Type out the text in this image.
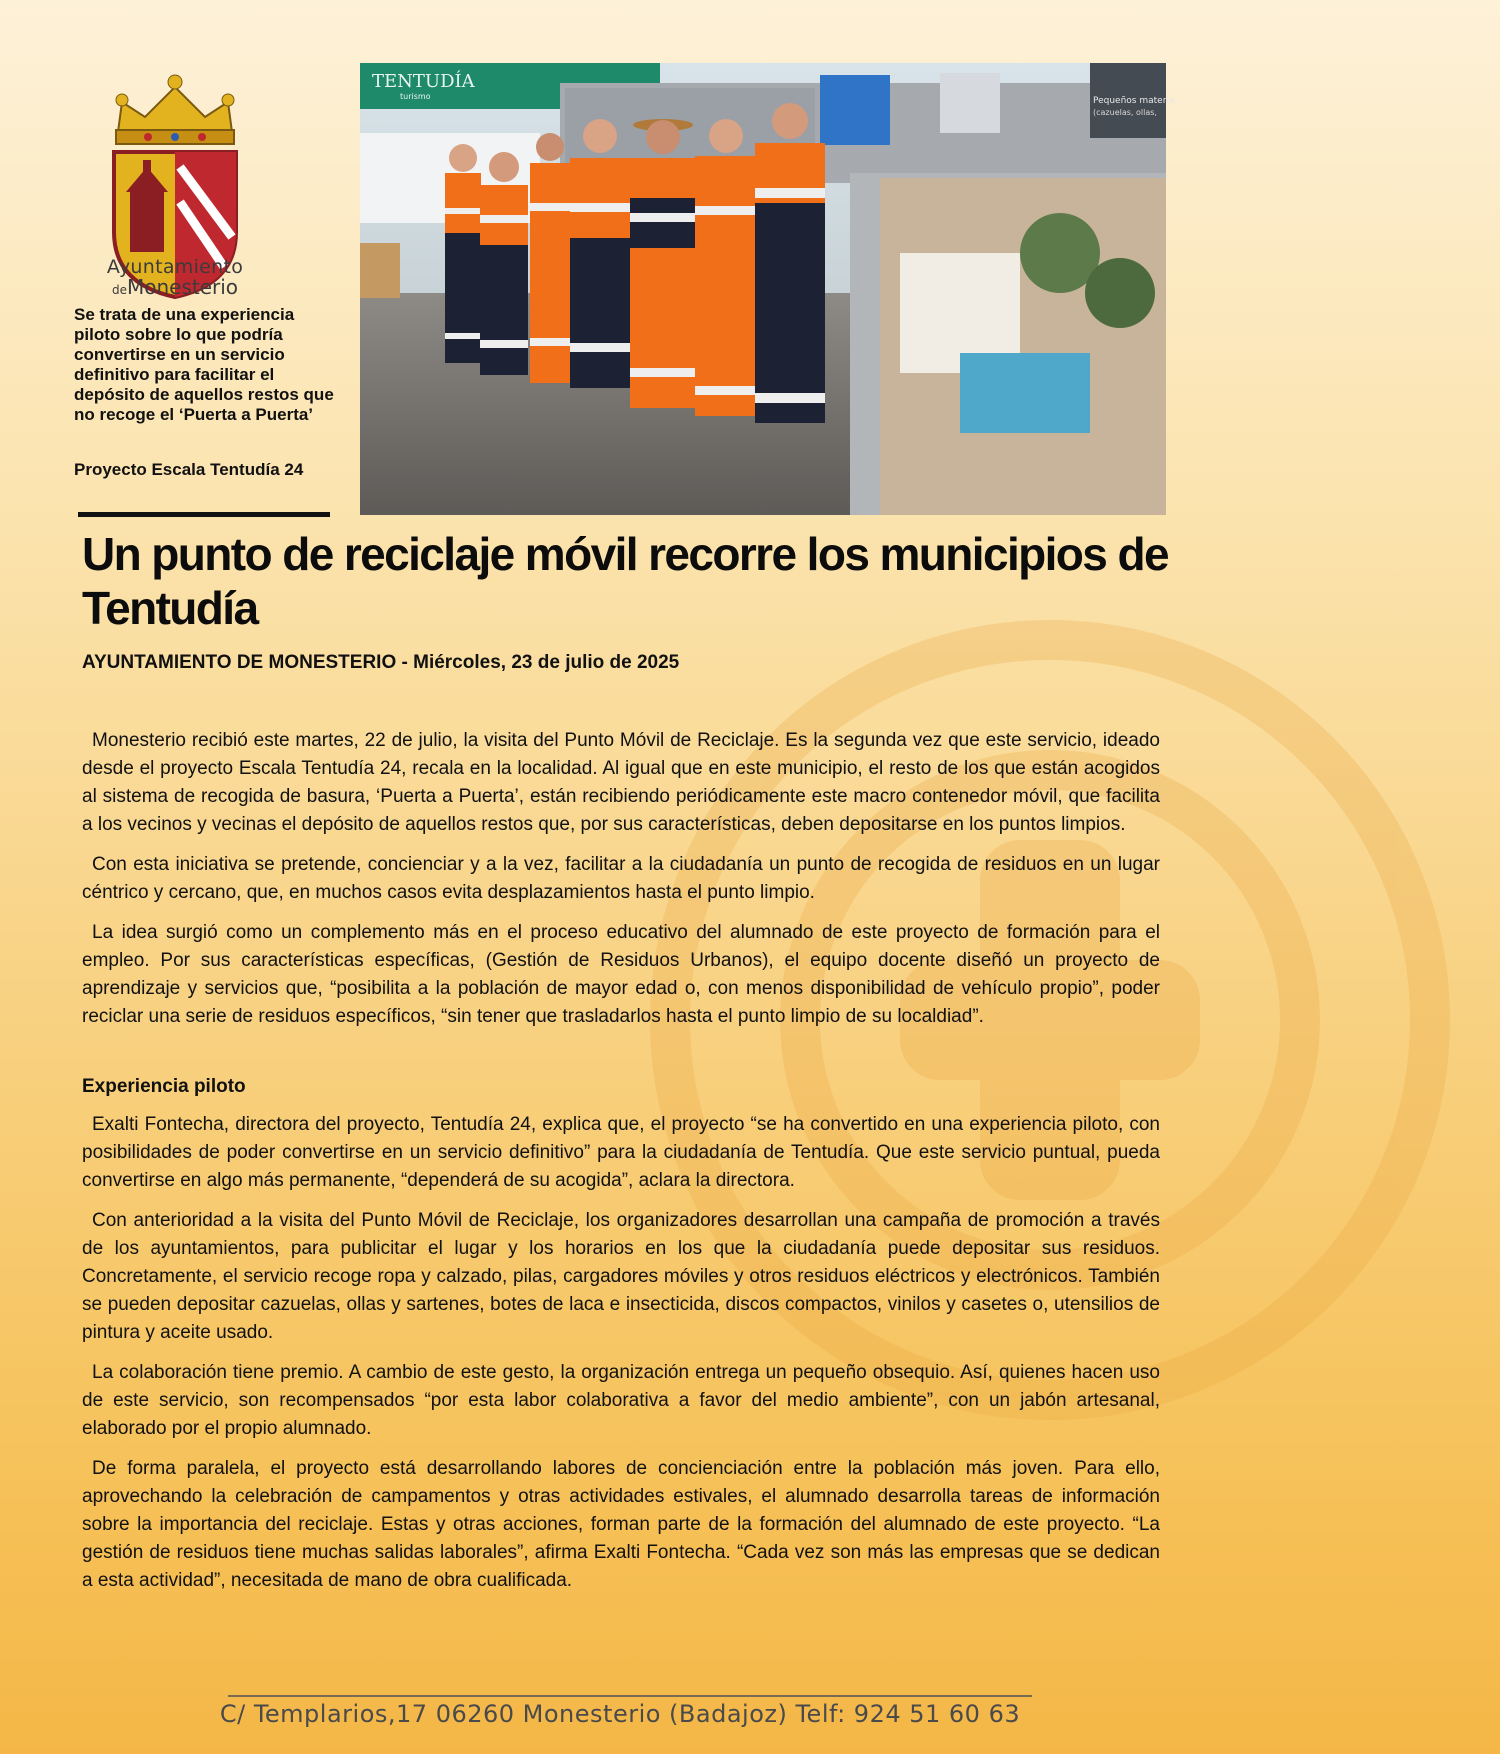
Ayuntamiento
deMonesterio

Se trata de una experiencia piloto sobre lo que podría convertirse en un servicio definitivo para facilitar el depósito de aquellos restos que no recoge el ‘Puerta a Puerta’

Proyecto Escala Tentudía 24

TENTUDÍA
turismo	Pequeños materia
(cazuelas, ollas,
Un punto de reciclaje móvil recorre los municipios de Tentudía

AYUNTAMIENTO DE MONESTERIO - Miércoles, 23 de julio de 2025

Monesterio recibió este martes, 22 de julio, la visita del Punto Móvil de Reciclaje. Es la segunda vez que este servicio, ideado desde el proyecto Escala Tentudía 24, recala en la localidad. Al igual que en este municipio, el resto de los que están acogidos al sistema de recogida de basura, ‘Puerta a Puerta’, están recibiendo periódicamente este macro contenedor móvil, que facilita a los vecinos y vecinas el depósito de aquellos restos que, por sus características, deben depositarse en los puntos limpios.

Con esta iniciativa se pretende, concienciar y a la vez, facilitar a la ciudadanía un punto de recogida de residuos en un lugar céntrico y cercano, que, en muchos casos evita desplazamientos hasta el punto limpio.

La idea surgió como un complemento más en el proceso educativo del alumnado de este proyecto de formación para el empleo. Por sus características específicas, (Gestión de Residuos Urbanos), el equipo docente diseñó un proyecto de aprendizaje y servicios que, “posibilita a la población de mayor edad o, con menos disponibilidad de vehículo propio”, poder reciclar una serie de residuos específicos, “sin tener que trasladarlos hasta el punto limpio de su localdiad”.

Experiencia piloto

Exalti Fontecha, directora del proyecto, Tentudía 24, explica que, el proyecto “se ha convertido en una experiencia piloto, con posibilidades de poder convertirse en un servicio definitivo” para la ciudadanía de Tentudía. Que este servicio puntual, pueda convertirse en algo más permanente, “dependerá de su acogida”, aclara la directora.

Con anterioridad a la visita del Punto Móvil de Reciclaje, los organizadores desarrollan una campaña de promoción a través de los ayuntamientos, para publicitar el lugar y los horarios en los que la ciudadanía puede depositar sus residuos. Concretamente, el servicio recoge ropa y calzado, pilas, cargadores móviles y otros residuos eléctricos y electrónicos. También se pueden depositar cazuelas, ollas y sartenes, botes de laca e insecticida, discos compactos, vinilos y casetes o, utensilios de pintura y aceite usado.

La colaboración tiene premio. A cambio de este gesto, la organización entrega un pequeño obsequio. Así, quienes hacen uso de este servicio, son recompensados “por esta labor colaborativa a favor del medio ambiente”, con un jabón artesanal, elaborado por el propio alumnado.

De forma paralela, el proyecto está desarrollando labores de concienciación entre la población más joven. Para ello, aprovechando la celebración de campamentos y otras actividades estivales, el alumnado desarrolla tareas de información sobre la importancia del reciclaje. Estas y otras acciones, forman parte de la formación del alumnado de este proyecto. “La gestión de residuos tiene muchas salidas laborales”, afirma Exalti Fontecha. “Cada vez son más las empresas que se dedican a esta actividad”, necesitada de mano de obra cualificada.

C/ Templarios,17 06260 Monesterio (Badajoz) Telf: 924 51 60 63
